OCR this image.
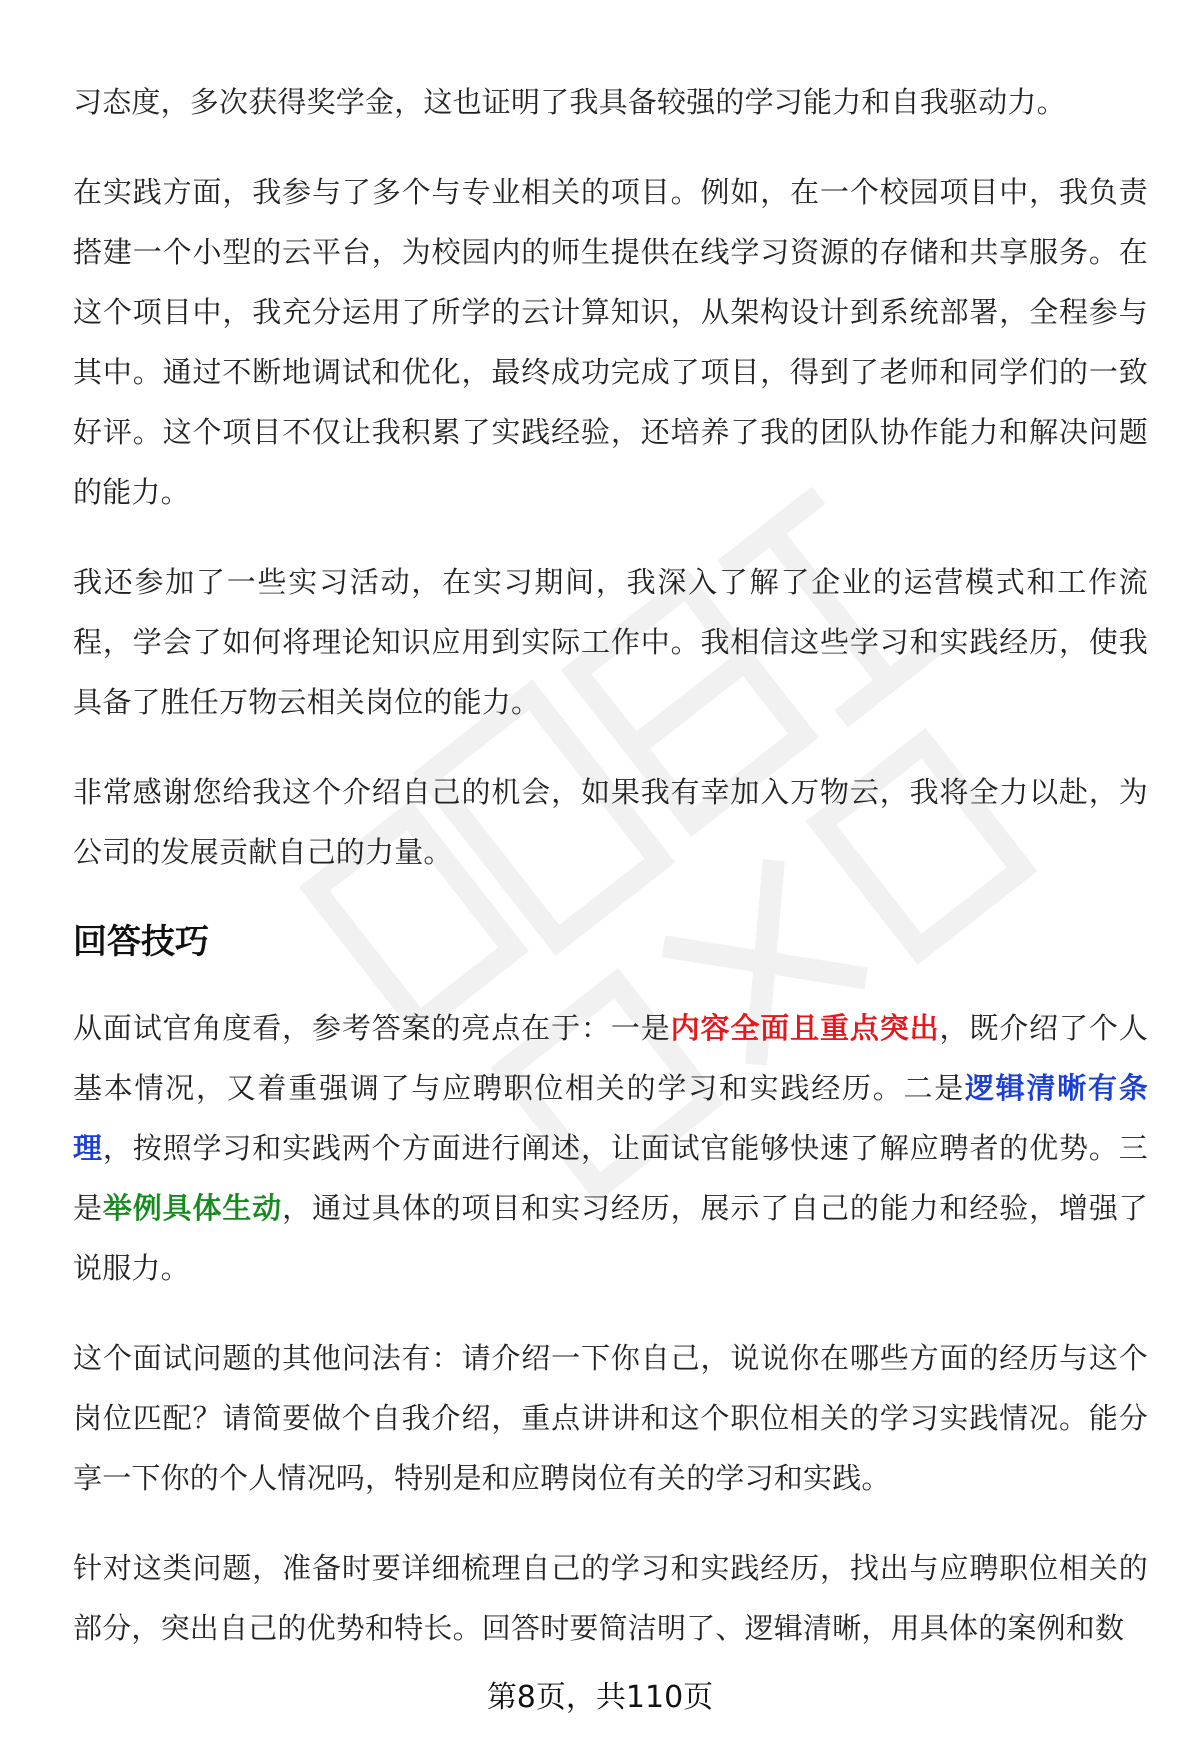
习态度，多次获得奖学金，这也证明了我具备较强的学习能力和自我驱动力。

在实践方面，我参与了多个与专业相关的项目。例如，在一个校园项目中，我负责搭建一个小型的云平台，为校园内的师生提供在线学习资源的存储和共享服务。在这个项目中，我充分运用了所学的云计算知识，从架构设计到系统部署，全程参与其中。通过不断地调试和优化，最终成功完成了项目，得到了老师和同学们的一致好评。这个项目不仅让我积累了实践经验，还培养了我的团队协作能力和解决问题的能力。

我还参加了一些实习活动，在实习期间，我深入了解了企业的运营模式和工作流程，学会了如何将理论知识应用到实际工作中。我相信这些学习和实践经历，使我具备了胜任万物云相关岗位的能力。

非常感谢您给我这个介绍自己的机会，如果我有幸加入万物云，我将全力以赴，为公司的发展贡献自己的力量。

回答技巧

从面试官角度看，参考答案的亮点在于：一是内容全面且重点突出，既介绍了个人基本情况，又着重强调了与应聘职位相关的学习和实践经历。二是逻辑清晰有条理，按照学习和实践两个方面进行阐述，让面试官能够快速了解应聘者的优势。三是举例具体生动，通过具体的项目和实习经历，展示了自己的能力和经验，增强了说服力。

这个面试问题的其他问法有：请介绍一下你自己，说说你在哪些方面的经历与这个岗位匹配？请简要做个自我介绍，重点讲讲和这个职位相关的学习实践情况。能分享一下你的个人情况吗，特别是和应聘岗位有关的学习和实践。

针对这类问题，准备时要详细梳理自己的学习和实践经历，找出与应聘职位相关的部分，突出自己的优势和特长。回答时要简洁明了、逻辑清晰，用具体的案例和数

第8页，共110页
